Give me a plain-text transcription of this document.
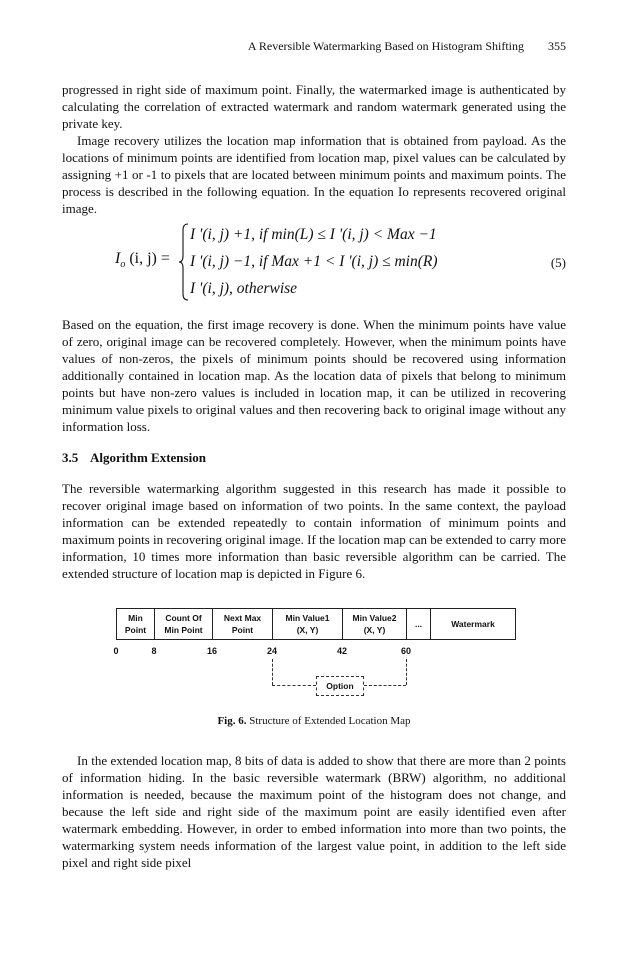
A Reversible Watermarking Based on Histogram Shifting 355

progressed in right side of maximum point. Finally, the watermarked image is authenticated by calculating the correlation of extracted watermark and random watermark generated using the private key.

Image recovery utilizes the location map information that is obtained from payload. As the locations of minimum points are identified from location map, pixel values can be calculated by assigning +1 or -1 to pixels that are located between minimum points and maximum points. The process is described in the following equation. In the equation Io represents recovered original image.

$I_o$ (i, j) =
I '(i, j) +1, if min(L) ≤ I '(i, j) < Max −1
I '(i, j) −1, if Max +1 < I '(i, j) ≤ min(R)
I '(i, j), otherwise
(5)

Based on the equation, the first image recovery is done. When the minimum points have value of zero, original image can be recovered completely. However, when the minimum points have values of non-zeros, the pixels of minimum points should be recovered using information additionally contained in location map. As the location data of pixels that belong to minimum points but have non-zero values is included in location map, it can be utilized in recovering minimum value pixels to original values and then recovering back to original image without any information loss.

3.5 Algorithm Extension

The reversible watermarking algorithm suggested in this research has made it possible to recover original image based on information of two points. In the same context, the payload information can be extended repeatedly to contain information of minimum points and maximum points in recovering original image. If the location map can be extended to carry more information, 10 times more information than basic reversible algorithm can be carried. The extended structure of location map is depicted in Figure 6.

Min
Point
Count Of
Min Point
Next Max
Point
Min Value1
(X, Y)
Min Value2
(X, Y)
...	Watermark
0	8	16	24	42	60
Option
Fig. 6. Structure of Extended Location Map

In the extended location map, 8 bits of data is added to show that there are more than 2 points of information hiding. In the basic reversible watermark (BRW) algorithm, no additional information is needed, because the maximum point of the histogram does not change, and because the left side and right side of the maximum point are easily identified even after watermark embedding. However, in order to embed information into more than two points, the watermarking system needs information of the largest value point, in addition to the left side pixel and right side pixel
